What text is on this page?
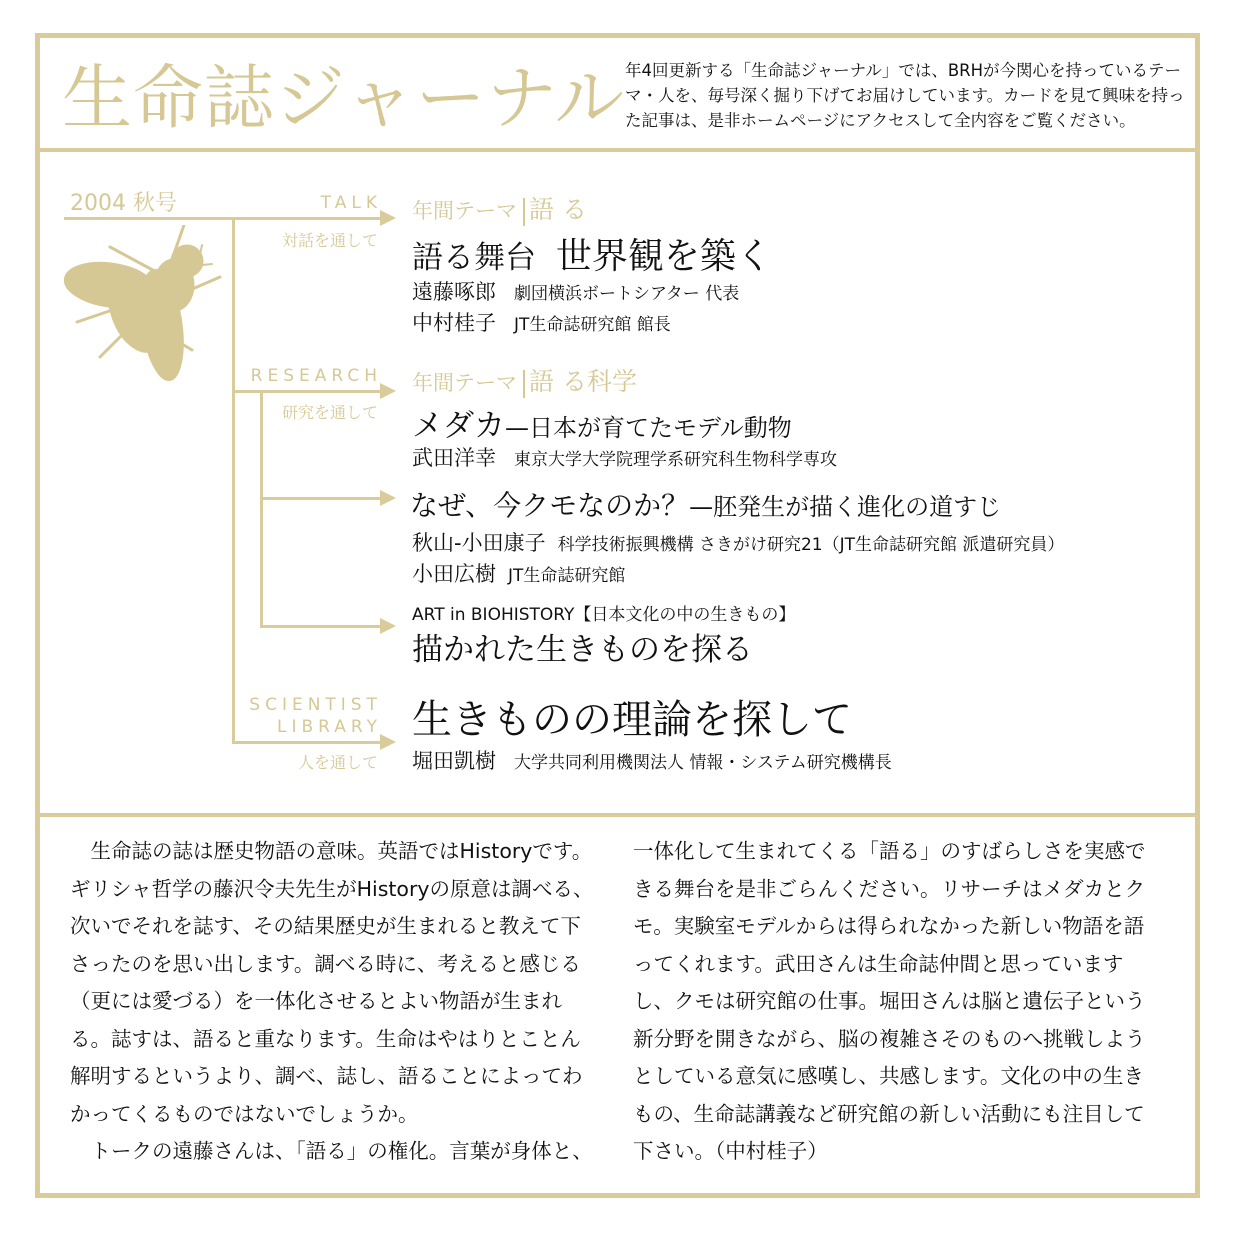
生命誌ジャーナル 年4回更新する「生命誌ジャーナル」では、BRHが今関心を持っているテーマ・人を、毎号深く掘り下げてお届けしています。カードを見て興味を持った記事は、是非ホームページにアクセスして全内容をご覧ください。
2004 秋号	TALK
対話を通して
年間テーマ 語 る
語る舞台 世界観を築く
遠藤啄郎 劇団横浜ボートシアター 代表
中村桂子 JT生命誌研究館 館長
RESEARCH
研究を通して
年間テーマ 語 る科学
メダカ—日本が育てたモデル動物
武田洋幸 東京大学大学院理学系研究科生物科学専攻
なぜ、今クモなのか？—胚発生が描く進化の道すじ
秋山-小田康子 科学技術振興機構 さきがけ研究21（JT生命誌研究館 派遣研究員）
小田広樹 JT生命誌研究館
ART in BIOHISTORY【日本文化の中の生きもの】
描かれた生きものを探る
SCIENTIST
LIBRARY
人を通して
生きものの理論を探して
堀田凱樹 大学共同利用機関法人 情報・システム研究機構長

生命誌の誌は歴史物語の意味。英語ではHistoryです。ギリシャ哲学の藤沢令夫先生がHistoryの原意は調べる、次いでそれを誌す、その結果歴史が生まれると教えて下さったのを思い出します。調べる時に、考えると感じる（更には愛づる）を一体化させるとよい物語が生まれる。誌すは、語ると重なります。生命はやはりとことん解明するというより、調べ、誌し、語ることによってわかってくるものではないでしょうか。

トークの遠藤さんは、「語る」の権化。言葉が身体と、

一体化して生まれてくる「語る」のすばらしさを実感できる舞台を是非ごらんください。リサーチはメダカとクモ。実験室モデルからは得られなかった新しい物語を語ってくれます。武田さんは生命誌仲間と思っていますし、クモは研究館の仕事。堀田さんは脳と遺伝子という新分野を開きながら、脳の複雑さそのものへ挑戦しようとしている意気に感嘆し、共感します。文化の中の生きもの、生命誌講義など研究館の新しい活動にも注目して下さい。（中村桂子）
